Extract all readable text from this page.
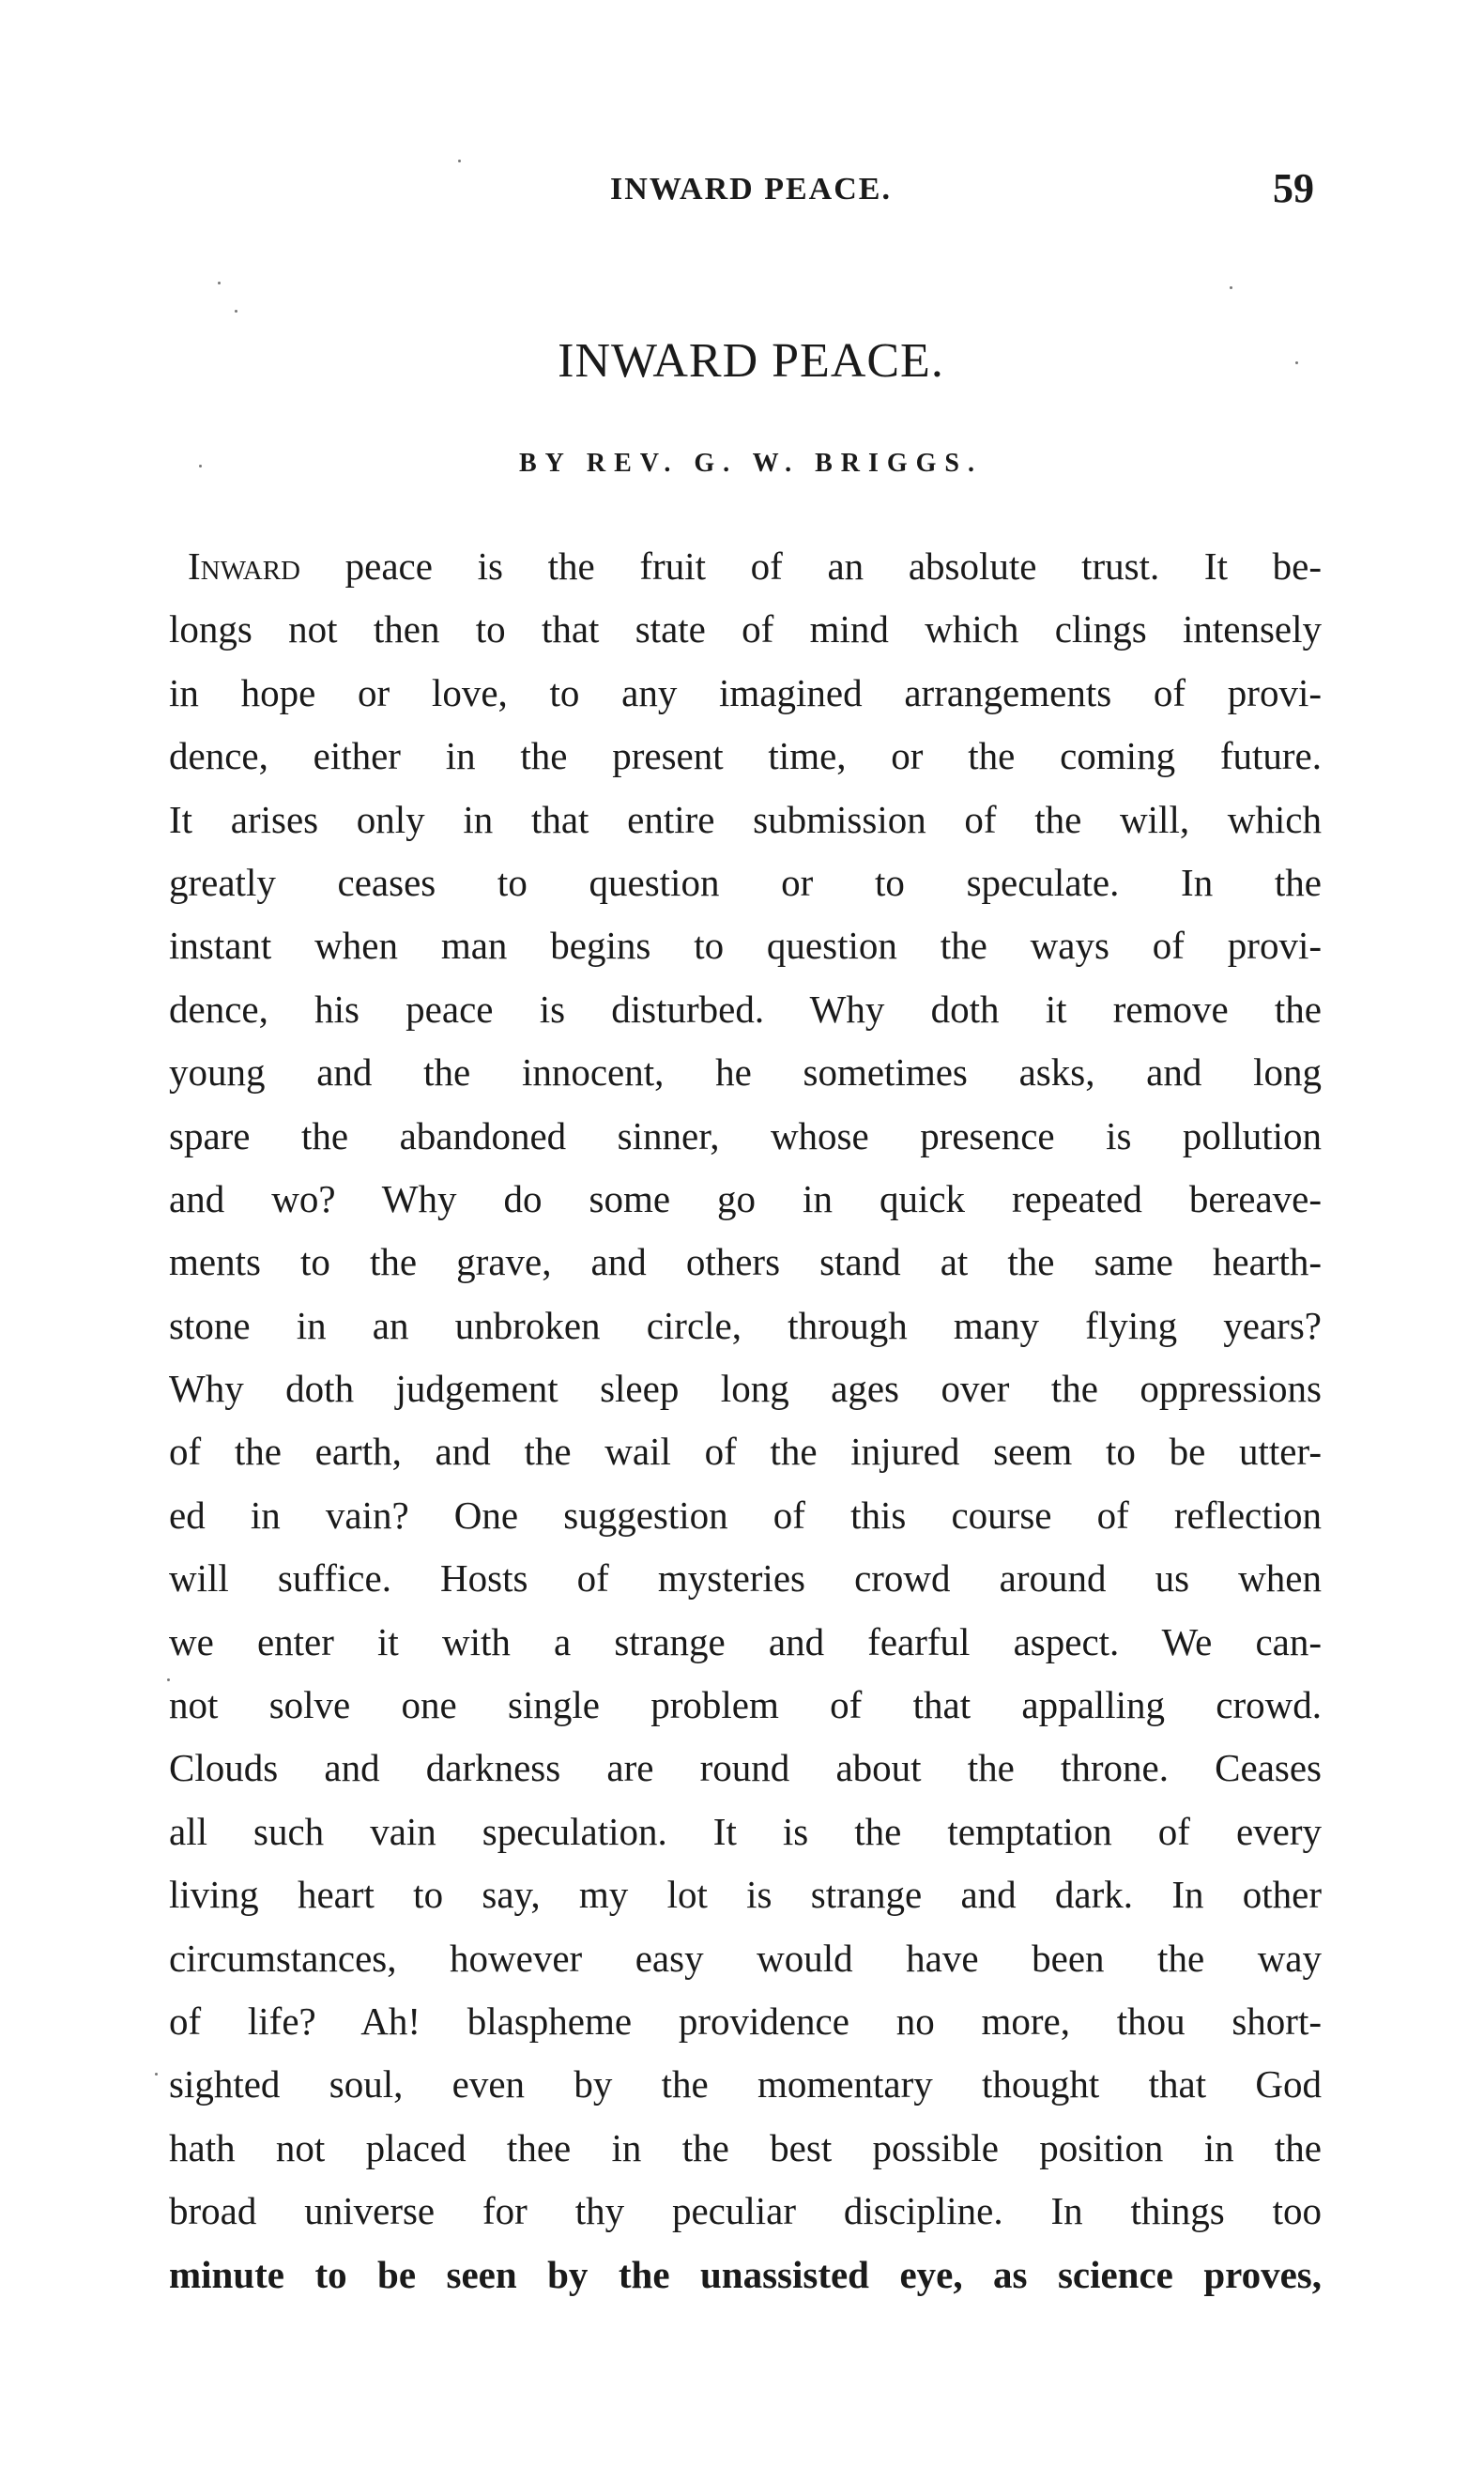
INWARD PEACE.	59
INWARD PEACE.
BY REV. G. W. BRIGGS.
Inward peace is the fruit of an absolute trust. It be-
longs not then to that state of mind which clings intensely
in hope or love, to any imagined arrangements of provi-
dence, either in the present time, or the coming future.
It arises only in that entire submission of the will, which
greatly ceases to question or to speculate. In the
instant when man begins to question the ways of provi-
dence, his peace is disturbed. Why doth it remove the
young and the innocent, he sometimes asks, and long
spare the abandoned sinner, whose presence is pollution
and wo? Why do some go in quick repeated bereave-
ments to the grave, and others stand at the same hearth-
stone in an unbroken circle, through many flying years?
Why doth judgement sleep long ages over the oppressions
of the earth, and the wail of the injured seem to be utter-
ed in vain? One suggestion of this course of reflection
will suffice. Hosts of mysteries crowd around us when
we enter it with a strange and fearful aspect. We can-
not solve one single problem of that appalling crowd.
Clouds and darkness are round about the throne. Ceases
all such vain speculation. It is the temptation of every
living heart to say, my lot is strange and dark. In other
circumstances, however easy would have been the way
of life? Ah! blaspheme providence no more, thou short-
sighted soul, even by the momentary thought that God
hath not placed thee in the best possible position in the
broad universe for thy peculiar discipline. In things too
minute to be seen by the unassisted eye, as science proves,
